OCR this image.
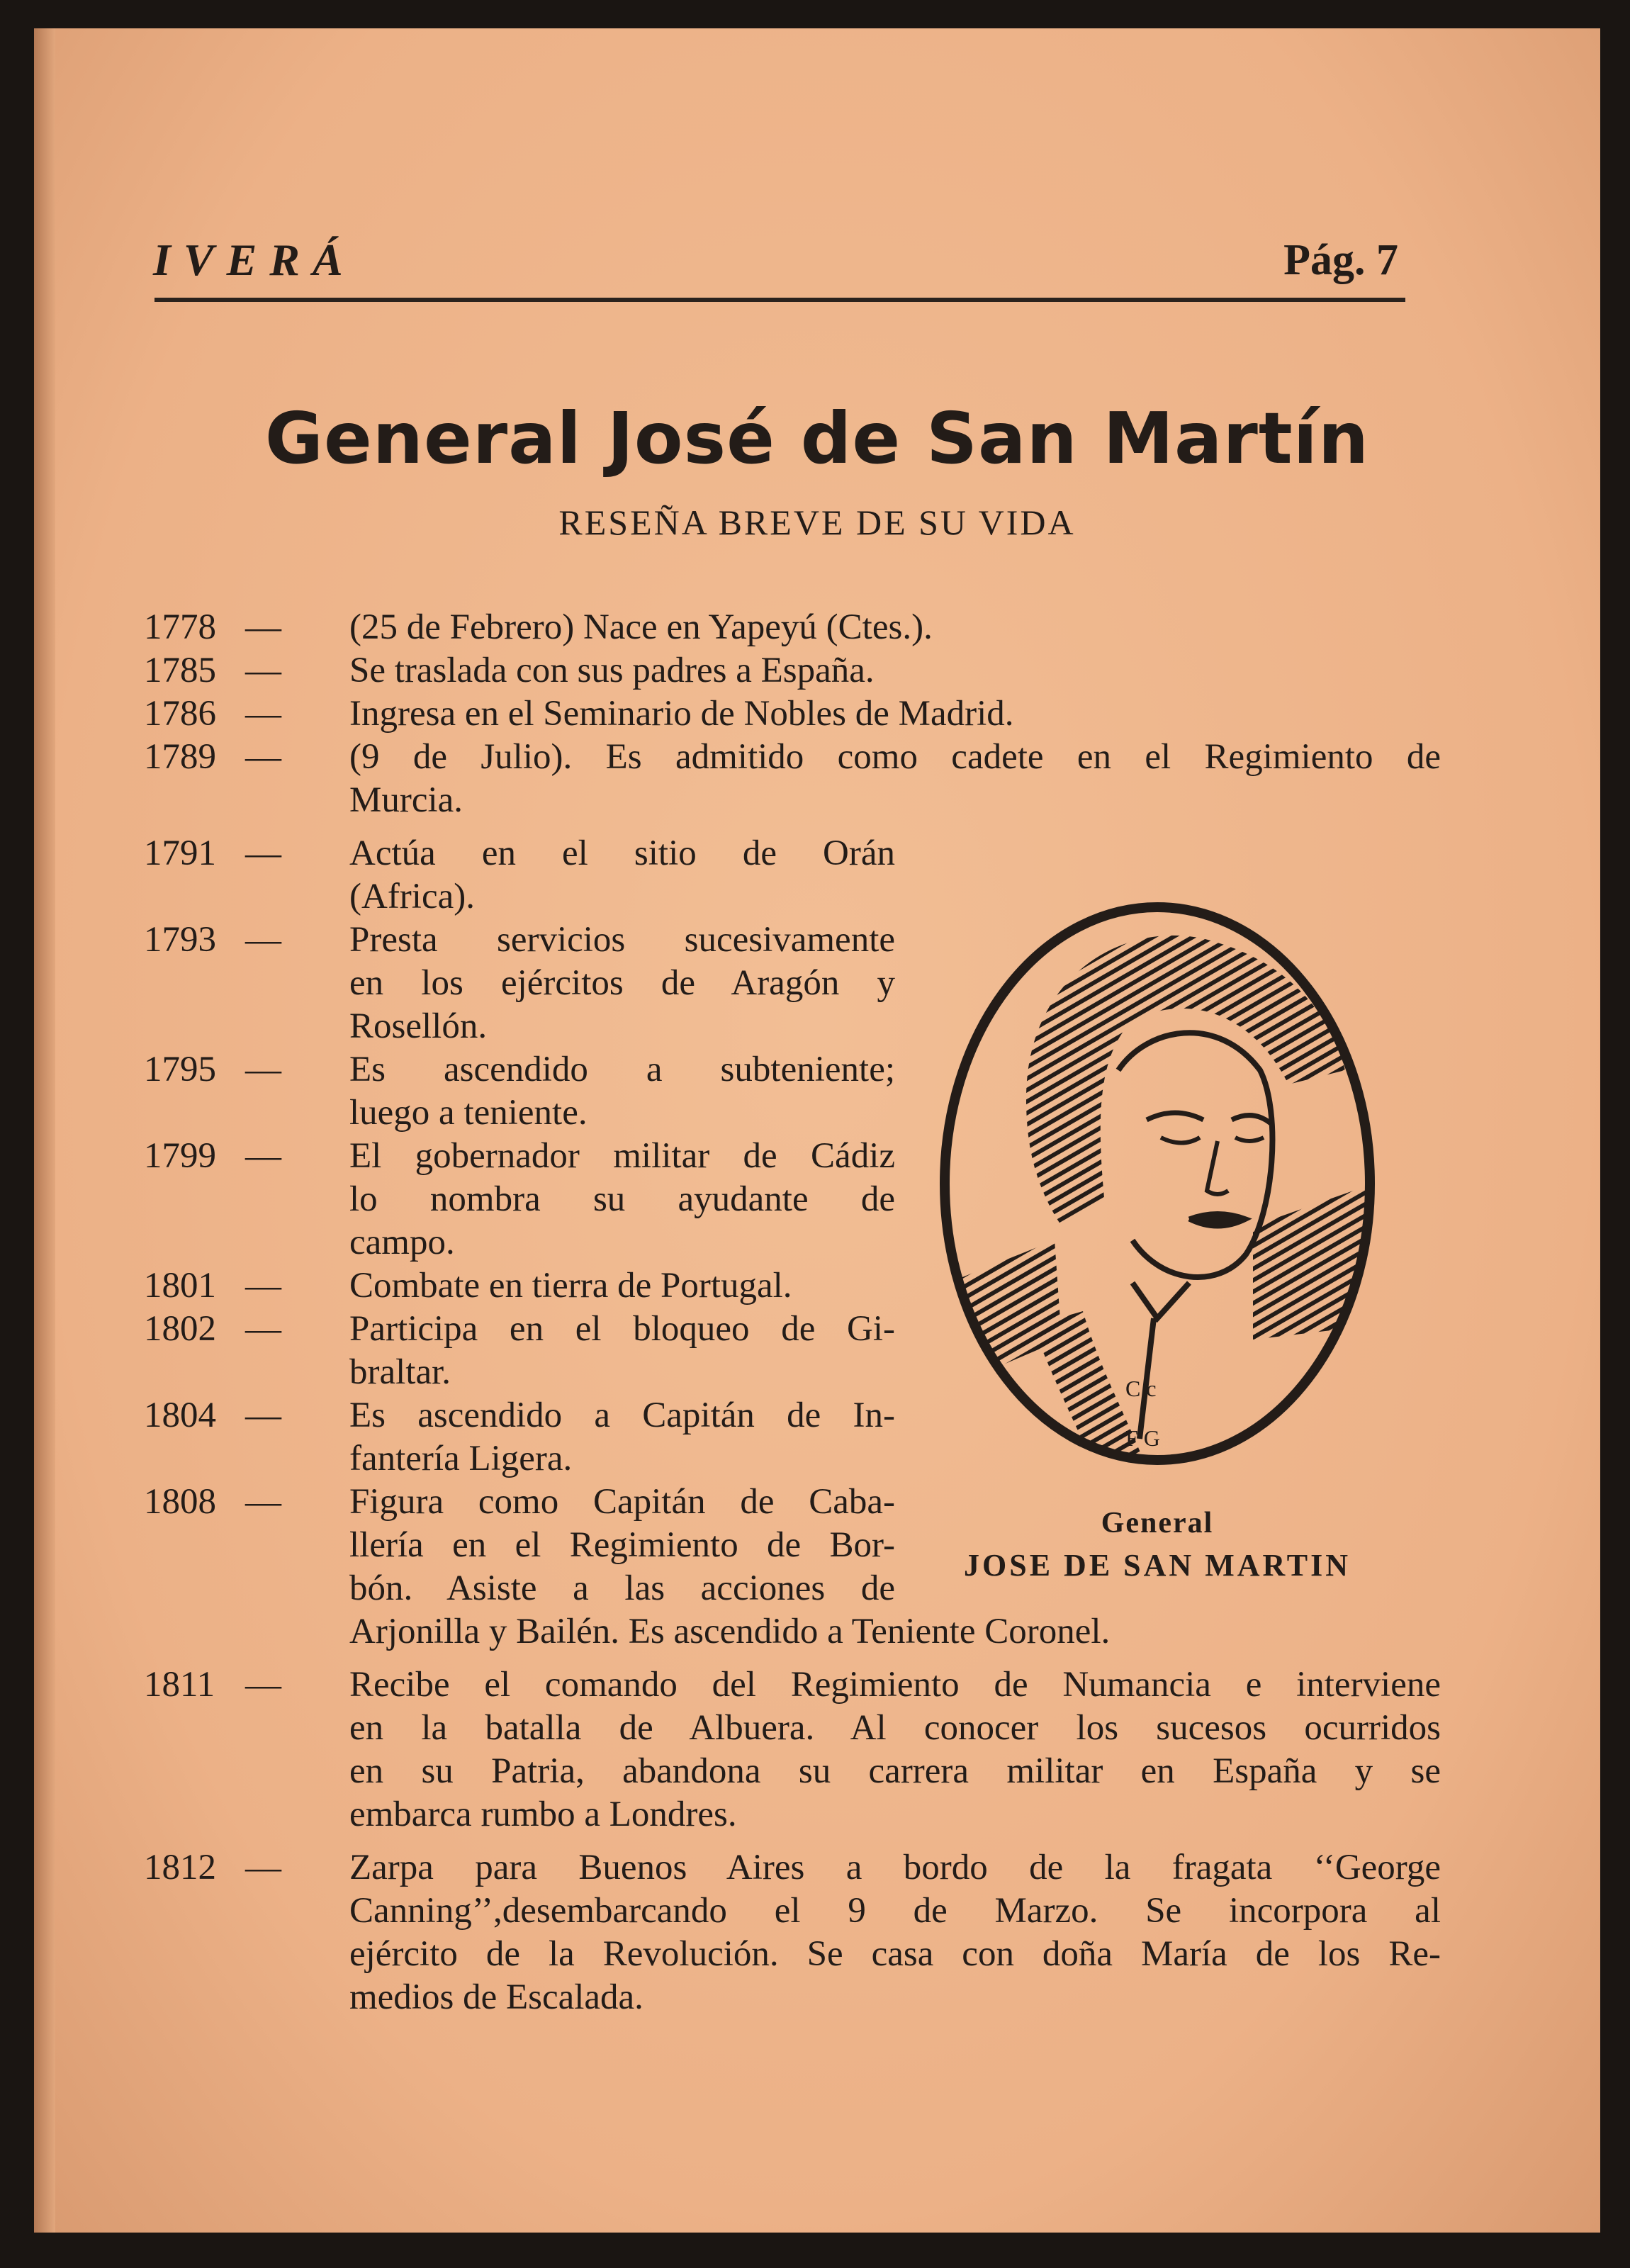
IVERÁ	Pág. 7
General José de San Martín
RESEÑA BREVE DE SU VIDA
1778 — (25 de Febrero) Nace en Yapeyú (Ctes.).
1785 — Se traslada con sus padres a España.
1786 — Ingresa en el Seminario de Nobles de Madrid.
1789 — (9 de Julio). Es admitido como cadete en el Regimiento de
Murcia.
1791 — Actúa en el sitio de Orán
(Africa).
1793 — Presta servicios sucesivamente
en los ejércitos de Aragón y
Rosellón.
1795 — Es ascendido a subteniente;
luego a teniente.
1799 — El gobernador militar de Cádiz
lo nombra su ayudante de
campo.
1801 — Combate en tierra de Portugal.
1802 — Participa en el bloqueo de Gi-
braltar.
1804 — Es ascendido a Capitán de In-
fantería Ligera.
1808 — Figura como Capitán de Caba-
llería en el Regimiento de Bor-
bón. Asiste a las acciones de
Arjonilla y Bailén. Es ascendido a Teniente Coronel.
1811 — Recibe el comando del Regimiento de Numancia e interviene
en la batalla de Albuera. Al conocer los sucesos ocurridos
en su Patria, abandona su carrera militar en España y se
embarca rumbo a Londres.
1812 — Zarpa para Buenos Aires a bordo de la fragata ‘‘George
Canning’’,desembarcando el 9 de Marzo. Se incorpora al
ejército de la Revolución. Se casa con doña María de los Re-
medios de Escalada.
C c
F G
General
JOSE DE SAN MARTIN
